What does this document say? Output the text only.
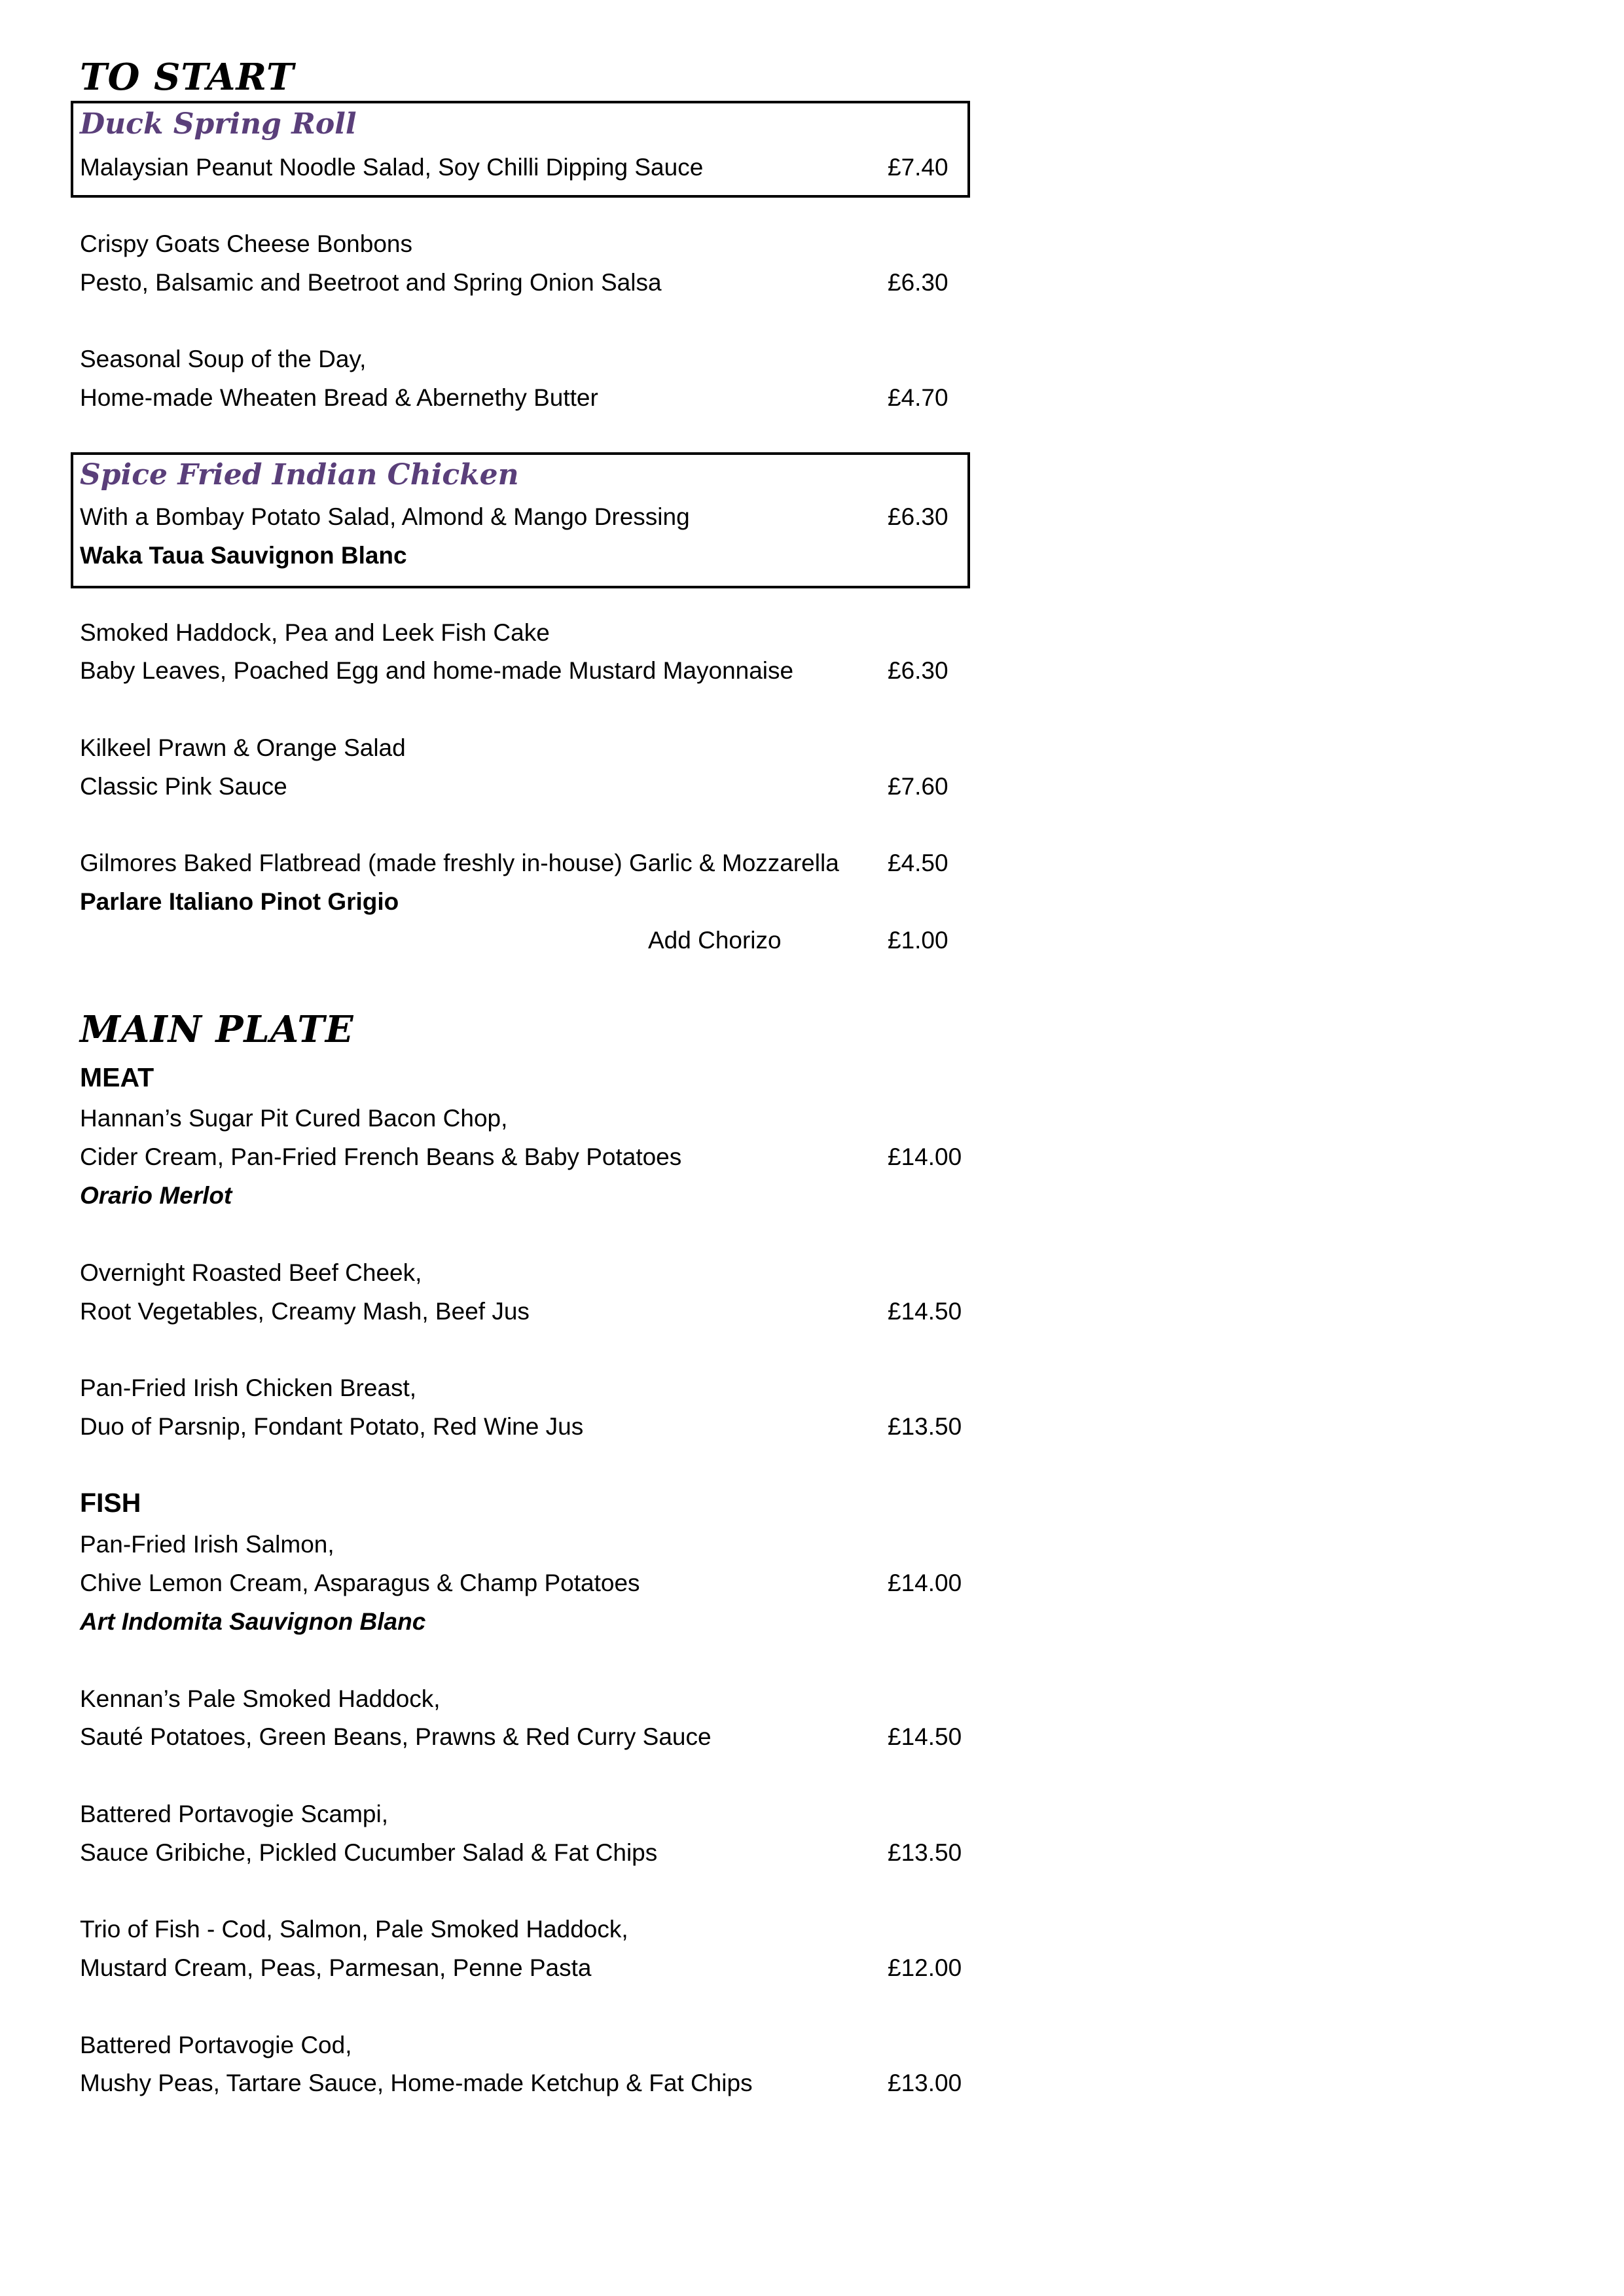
TO START
Duck Spring Roll
Malaysian Peanut Noodle Salad, Soy Chilli Dipping Sauce	£7.40
Crispy Goats Cheese Bonbons
Pesto, Balsamic and Beetroot and Spring Onion Salsa	£6.30
Seasonal Soup of the Day,
Home-made Wheaten Bread & Abernethy Butter	£4.70
Spice Fried Indian Chicken
With a Bombay Potato Salad, Almond & Mango Dressing	£6.30
Waka Taua Sauvignon Blanc
Smoked Haddock, Pea and Leek Fish Cake
Baby Leaves, Poached Egg and home-made Mustard Mayonnaise	£6.30
Kilkeel Prawn & Orange Salad
Classic Pink Sauce	£7.60
Gilmores Baked Flatbread (made freshly in-house) Garlic & Mozzarella £4.50
Parlare Italiano Pinot Grigio
Add Chorizo	£1.00
MAIN PLATE
MEAT
Hannan’s Sugar Pit Cured Bacon Chop,
Cider Cream, Pan-Fried French Beans & Baby Potatoes	£14.00
Orario Merlot
Overnight Roasted Beef Cheek,
Root Vegetables, Creamy Mash, Beef Jus	£14.50
Pan-Fried Irish Chicken Breast,
Duo of Parsnip, Fondant Potato, Red Wine Jus	£13.50
FISH
Pan-Fried Irish Salmon,
Chive Lemon Cream, Asparagus & Champ Potatoes	£14.00
Art Indomita Sauvignon Blanc
Kennan’s Pale Smoked Haddock,
Sauté Potatoes, Green Beans, Prawns & Red Curry Sauce	£14.50
Battered Portavogie Scampi,
Sauce Gribiche, Pickled Cucumber Salad & Fat Chips	£13.50
Trio of Fish - Cod, Salmon, Pale Smoked Haddock,
Mustard Cream, Peas, Parmesan, Penne Pasta	£12.00
Battered Portavogie Cod,
Mushy Peas, Tartare Sauce, Home-made Ketchup & Fat Chips	£13.00
